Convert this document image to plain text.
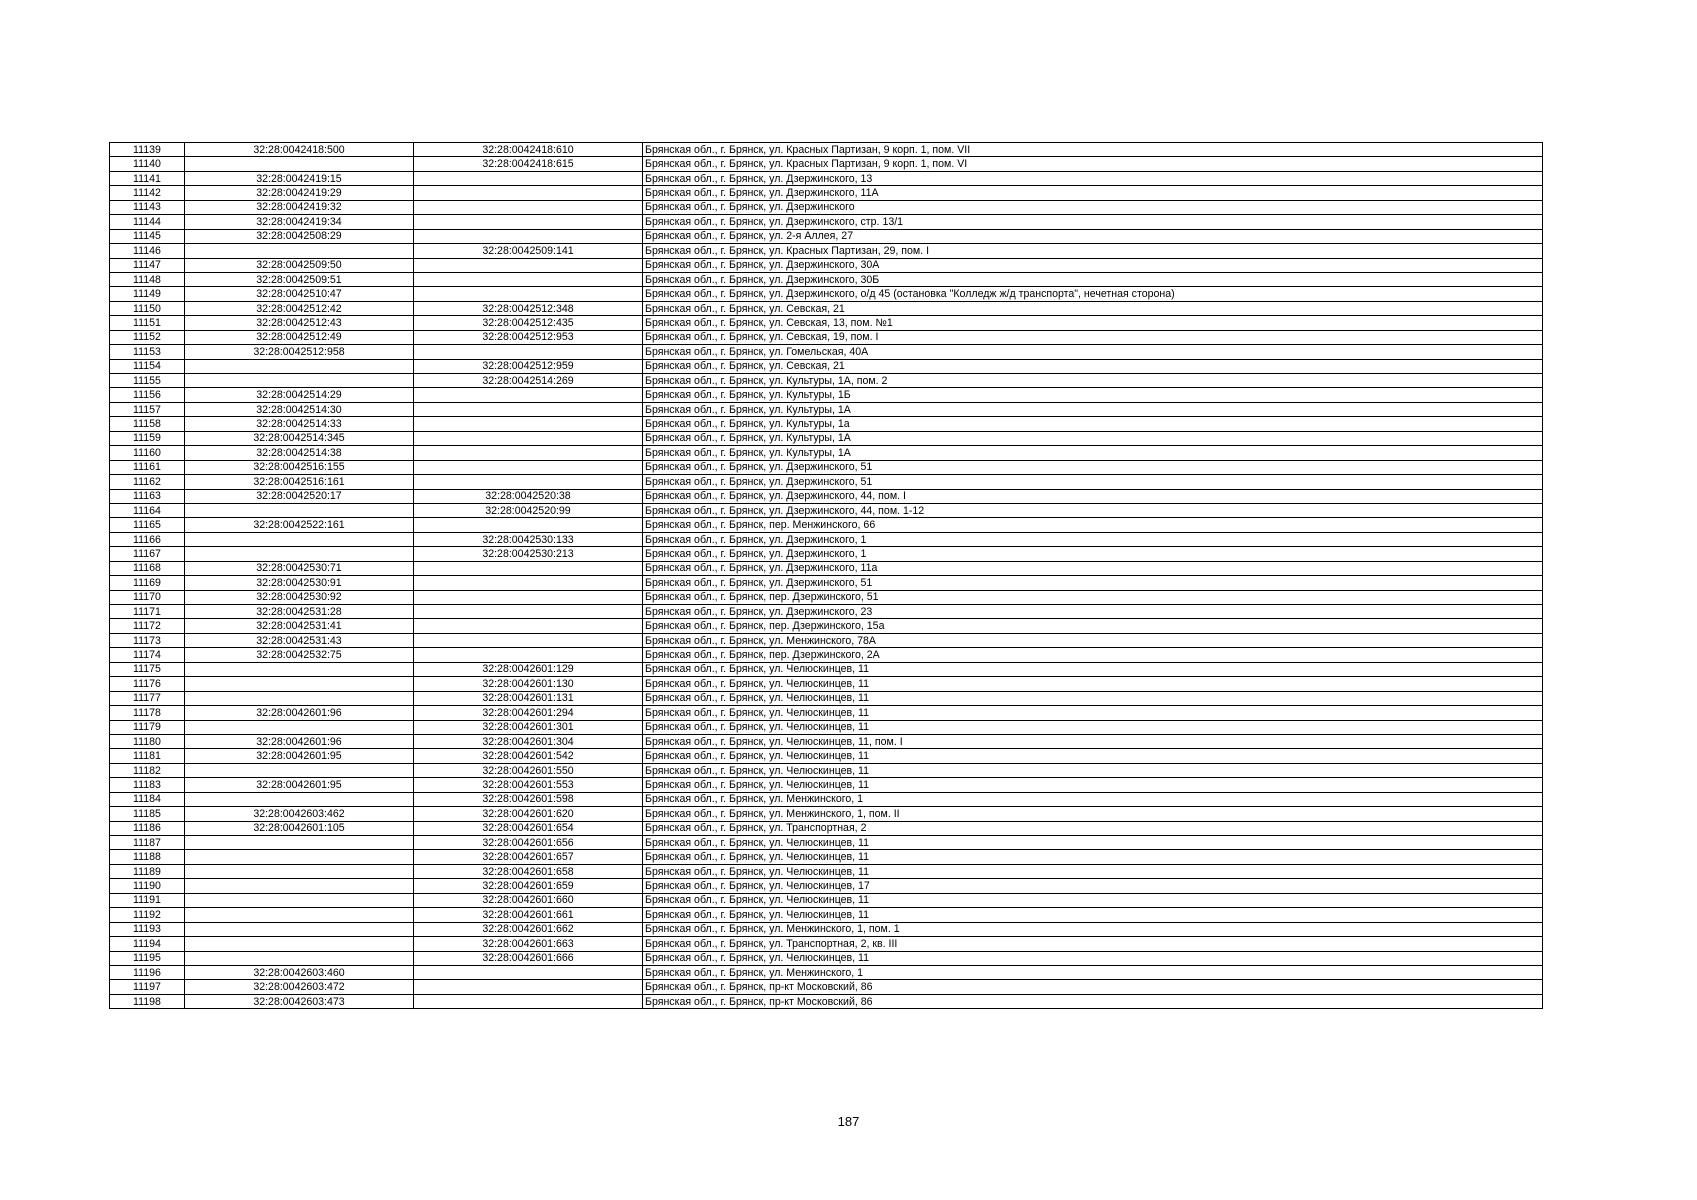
11139	32:28:0042418:500	32:28:0042418:610	Брянская обл., г. Брянск, ул. Красных Партизан, 9 корп. 1, пом. VII
11140		32:28:0042418:615	Брянская обл., г. Брянск, ул. Красных Партизан, 9 корп. 1, пом. VI
11141	32:28:0042419:15		Брянская обл., г. Брянск, ул. Дзержинского, 13
11142	32:28:0042419:29		Брянская обл., г. Брянск, ул. Дзержинского, 11А
11143	32:28:0042419:32		Брянская обл., г. Брянск, ул. Дзержинского
11144	32:28:0042419:34		Брянская обл., г. Брянск, ул. Дзержинского, стр. 13/1
11145	32:28:0042508:29		Брянская обл., г. Брянск, ул. 2-я Аллея, 27
11146		32:28:0042509:141	Брянская обл., г. Брянск, ул. Красных Партизан, 29, пом. I
11147	32:28:0042509:50		Брянская обл., г. Брянск, ул. Дзержинского, 30А
11148	32:28:0042509:51		Брянская обл., г. Брянск, ул. Дзержинского, 30Б
11149	32:28:0042510:47		Брянская обл., г. Брянск, ул. Дзержинского, о/д 45 (остановка "Колледж ж/д транспорта", нечетная сторона)
11150	32:28:0042512:42	32:28:0042512:348	Брянская обл., г. Брянск, ул. Севская, 21
11151	32:28:0042512:43	32:28:0042512:435	Брянская обл., г. Брянск, ул. Севская, 13, пом. №1
11152	32:28:0042512:49	32:28:0042512:953	Брянская обл., г. Брянск, ул. Севская, 19, пом. I
11153	32:28:0042512:958		Брянская обл., г. Брянск, ул. Гомельская, 40А
11154		32:28:0042512:959	Брянская обл., г. Брянск, ул. Севская, 21
11155		32:28:0042514:269	Брянская обл., г. Брянск, ул. Культуры, 1А, пом. 2
11156	32:28:0042514:29		Брянская обл., г. Брянск, ул. Культуры, 1Б
11157	32:28:0042514:30		Брянская обл., г. Брянск, ул. Культуры, 1А
11158	32:28:0042514:33		Брянская обл., г. Брянск, ул. Культуры, 1а
11159	32:28:0042514:345		Брянская обл., г. Брянск, ул. Культуры, 1А
11160	32:28:0042514:38		Брянская обл., г. Брянск, ул. Культуры, 1А
11161	32:28:0042516:155		Брянская обл., г. Брянск, ул. Дзержинского, 51
11162	32:28:0042516:161		Брянская обл., г. Брянск, ул. Дзержинского, 51
11163	32:28:0042520:17	32:28:0042520:38	Брянская обл., г. Брянск, ул. Дзержинского, 44, пом. I
11164		32:28:0042520:99	Брянская обл., г. Брянск, ул. Дзержинского, 44, пом. 1-12
11165	32:28:0042522:161		Брянская обл., г. Брянск, пер. Менжинского, 66
11166		32:28:0042530:133	Брянская обл., г. Брянск, ул. Дзержинского, 1
11167		32:28:0042530:213	Брянская обл., г. Брянск, ул. Дзержинского, 1
11168	32:28:0042530:71		Брянская обл., г. Брянск, ул. Дзержинского, 11а
11169	32:28:0042530:91		Брянская обл., г. Брянск, ул. Дзержинского, 51
11170	32:28:0042530:92		Брянская обл., г. Брянск, пер. Дзержинского, 51
11171	32:28:0042531:28		Брянская обл., г. Брянск, ул. Дзержинского, 23
11172	32:28:0042531:41		Брянская обл., г. Брянск, пер. Дзержинского, 15а
11173	32:28:0042531:43		Брянская обл., г. Брянск, ул. Менжинского, 78А
11174	32:28:0042532:75		Брянская обл., г. Брянск, пер. Дзержинского, 2А
11175		32:28:0042601:129	Брянская обл., г. Брянск, ул. Челюскинцев, 11
11176		32:28:0042601:130	Брянская обл., г. Брянск, ул. Челюскинцев, 11
11177		32:28:0042601:131	Брянская обл., г. Брянск, ул. Челюскинцев, 11
11178	32:28:0042601:96	32:28:0042601:294	Брянская обл., г. Брянск, ул. Челюскинцев, 11
11179		32:28:0042601:301	Брянская обл., г. Брянск, ул. Челюскинцев, 11
11180	32:28:0042601:96	32:28:0042601:304	Брянская обл., г. Брянск, ул. Челюскинцев, 11, пом. I
11181	32:28:0042601:95	32:28:0042601:542	Брянская обл., г. Брянск, ул. Челюскинцев, 11
11182		32:28:0042601:550	Брянская обл., г. Брянск, ул. Челюскинцев, 11
11183	32:28:0042601:95	32:28:0042601:553	Брянская обл., г. Брянск, ул. Челюскинцев, 11
11184		32:28:0042601:598	Брянская обл., г. Брянск, ул. Менжинского, 1
11185	32:28:0042603:462	32:28:0042601:620	Брянская обл., г. Брянск, ул. Менжинского, 1, пом. II
11186	32:28:0042601:105	32:28:0042601:654	Брянская обл., г. Брянск, ул. Транспортная, 2
11187		32:28:0042601:656	Брянская обл., г. Брянск, ул. Челюскинцев, 11
11188		32:28:0042601:657	Брянская обл., г. Брянск, ул. Челюскинцев, 11
11189		32:28:0042601:658	Брянская обл., г. Брянск, ул. Челюскинцев, 11
11190		32:28:0042601:659	Брянская обл., г. Брянск, ул. Челюскинцев, 17
11191		32:28:0042601:660	Брянская обл., г. Брянск, ул. Челюскинцев, 11
11192		32:28:0042601:661	Брянская обл., г. Брянск, ул. Челюскинцев, 11
11193		32:28:0042601:662	Брянская обл., г. Брянск, ул. Менжинского, 1, пом. 1
11194		32:28:0042601:663	Брянская обл., г. Брянск, ул. Транспортная, 2, кв. III
11195		32:28:0042601:666	Брянская обл., г. Брянск, ул. Челюскинцев, 11
11196	32:28:0042603:460		Брянская обл., г. Брянск, ул. Менжинского, 1
11197	32:28:0042603:472		Брянская обл., г. Брянск, пр-кт Московский, 86
11198	32:28:0042603:473		Брянская обл., г. Брянск, пр-кт Московский, 86
187
